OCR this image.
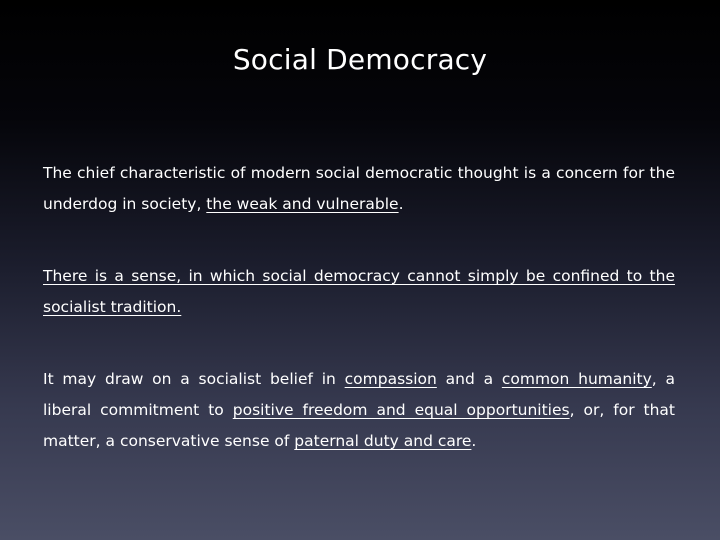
Social Democracy

The chief characteristic of modern social democratic thought is a concern for the underdog in society, the weak and vulnerable.

There is a sense, in which social democracy cannot simply be confined to the socialist tradition.

It may draw on a socialist belief in compassion and a common humanity, a liberal commitment to positive freedom and equal opportunities, or, for that matter, a conservative sense of paternal duty and care.
